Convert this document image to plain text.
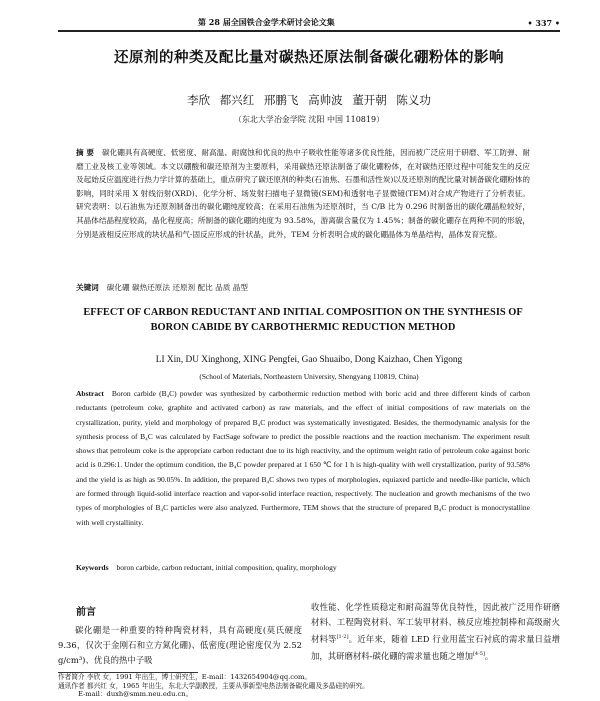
第 28 届全国铁合金学术研讨会论文集	• 337 •
还原剂的种类及配比量对碳热还原法制备碳化硼粉体的影响
李欣 都兴红 邢鹏飞 高帅波 董开朝 陈义功
（东北大学冶金学院 沈阳 中国 110819）
摘 要 碳化硼具有高硬度、低密度、耐高温、耐腐蚀和优良的热中子吸收性能等诸多优良性能，因而被广泛应用于研磨、军工防弹、耐磨工业及核工业等领域。本文以硼酸和碳还原剂为主要原料，采用碳热还原法制备了碳化硼粉体，在对碳热还原过程中可能发生的反应及起始反应温度进行热力学计算的基础上，重点研究了碳还原剂的种类(石油焦、石墨和活性炭)以及还原剂的配比量对制备碳化硼粉体的影响，同时采用 X 射线衍射(XRD)、化学分析、场发射扫描电子显微镜(SEM)和透射电子显微镜(TEM)对合成产物进行了分析表征。研究表明：以石油焦为还原剂制备出的碳化硼纯度较高；在采用石油焦为还原剂时，当 C/B 比为 0.296 时制备出的碳化硼晶粒较好，其晶体结晶程度较高，晶化程度高；所制备的碳化硼的纯度为 93.58%，游离碳含量仅为 1.45%；制备的碳化硼存在两种不同的形貌，分别是液相反应形成的块状晶和气-固反应形成的针状晶，此外，TEM 分析表明合成的碳化硼晶体为单晶结构，晶体发育完整。
关键词 碳化硼 碳热还原法 还原剂 配比 品质 晶型
EFFECT OF CARBON REDUCTANT AND INITIAL COMPOSITION ON THE SYNTHESIS OF BORON CABIDE BY CARBOTHERMIC REDUCTION METHOD
LI Xin, DU Xinghong, XING Pengfei, Gao Shuaibo, Dong Kaizhao, Chen Yigong
(School of Materials, Northeastern University, Shengyang 110819, China)
Abstract Boron carbide (B₄C) powder was synthesized by carbothermic reduction method with boric acid and three different kinds of carbon reductants (petroleum coke, graphite and activated carbon) as raw materials, and the effect of initial compositions of raw materials on the crystallization, purity, yield and morphology of prepared B₄C product was systematically investigated. Besides, the thermodynamic analysis for the synthesis process of B₄C was calculated by FactSage software to predict the possible reactions and the reaction mechanism. The experiment result shows that petroleum coke is the appropriate carbon reductant due to its high reactivity, and the optimum weight ratio of petroleum coke against boric acid is 0.296:1. Under the optimum condition, the B₄C powder prepared at 1 650 ℃ for 1 h is high-quality with well crystallization, purity of 93.58% and the yield is as high as 90.05%. In addition, the prepared B₄C shows two types of morphologies, equiaxed particle and needle-like particle, which are formed through liquid-solid interface reaction and vapor-solid interface reaction, respectively. The nucleation and growth mechanisms of the two types of morphologies of B₄C particles were also analyzed. Furthermore, TEM shows that the structure of prepared B₄C product is monocrystalline with well crystallinity.
Keywords boron carbide, carbon reductant, initial composition, quality, morphology
前言
碳化硼是一种重要的特种陶瓷材料，具有高硬度(莫氏硬度 9.36，仅次于金刚石和立方氮化硼)、低密度(理论密度仅为 2.52 g/cm³)、优良的热中子吸
收性能、化学性质稳定和耐高温等优良特性，因此被广泛用作研磨材料、工程陶瓷材料、军工装甲材料、核反应堆控制棒和高级耐火材料等[1-2]。近年来，随着 LED 行业用蓝宝石衬底的需求量日益增加，其研磨材料-碳化硼的需求量也随之增加[4-5]。
作者简介 李欣 女，1991 年出生，博士研究生，E-mail：1432654904@qq.com。
通讯作者 都兴红 女，1965 年出生，东北大学副教授，主要从事新型电热法制备碳化硼及多晶硅的研究。
E-mail：duxh@smm.neu.edu.cn。
